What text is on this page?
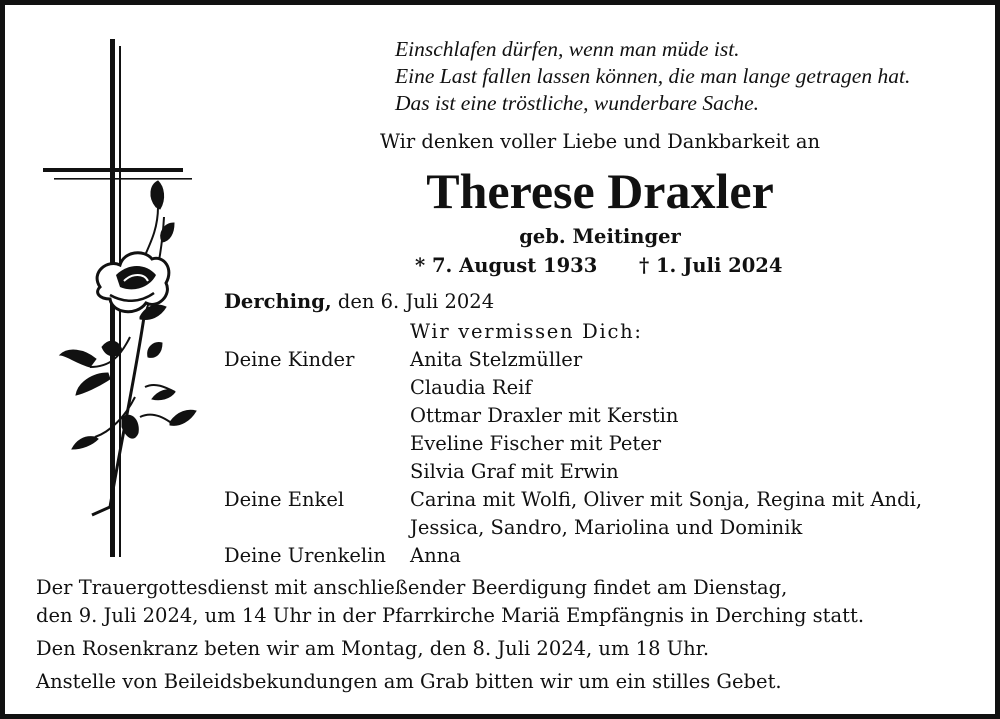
Einschlafen dürfen, wenn man müde ist.
Eine Last fallen lassen können, die man lange getragen hat.
Das ist eine tröstliche, wunderbare Sache.
Wir denken voller Liebe und Dankbarkeit an
Therese Draxler
geb. Meitinger
* 7. August 1933 † 1. Juli 2024
Derching, den 6. Juli 2024
Wir vermissen Dich:
Deine Kinder	Anita Stelzmüller
Claudia Reif
Ottmar Draxler mit Kerstin
Eveline Fischer mit Peter
Silvia Graf mit Erwin
Deine Enkel	Carina mit Wolfi, Oliver mit Sonja, Regina mit Andi,
Jessica, Sandro, Mariolina und Dominik
Deine Urenkelin Anna
Der Trauergottesdienst mit anschließender Beerdigung findet am Dienstag,
den 9. Juli 2024, um 14 Uhr in der Pfarrkirche Mariä Empfängnis in Derching statt.
Den Rosenkranz beten wir am Montag, den 8. Juli 2024, um 18 Uhr.
Anstelle von Beileidsbekundungen am Grab bitten wir um ein stilles Gebet.
